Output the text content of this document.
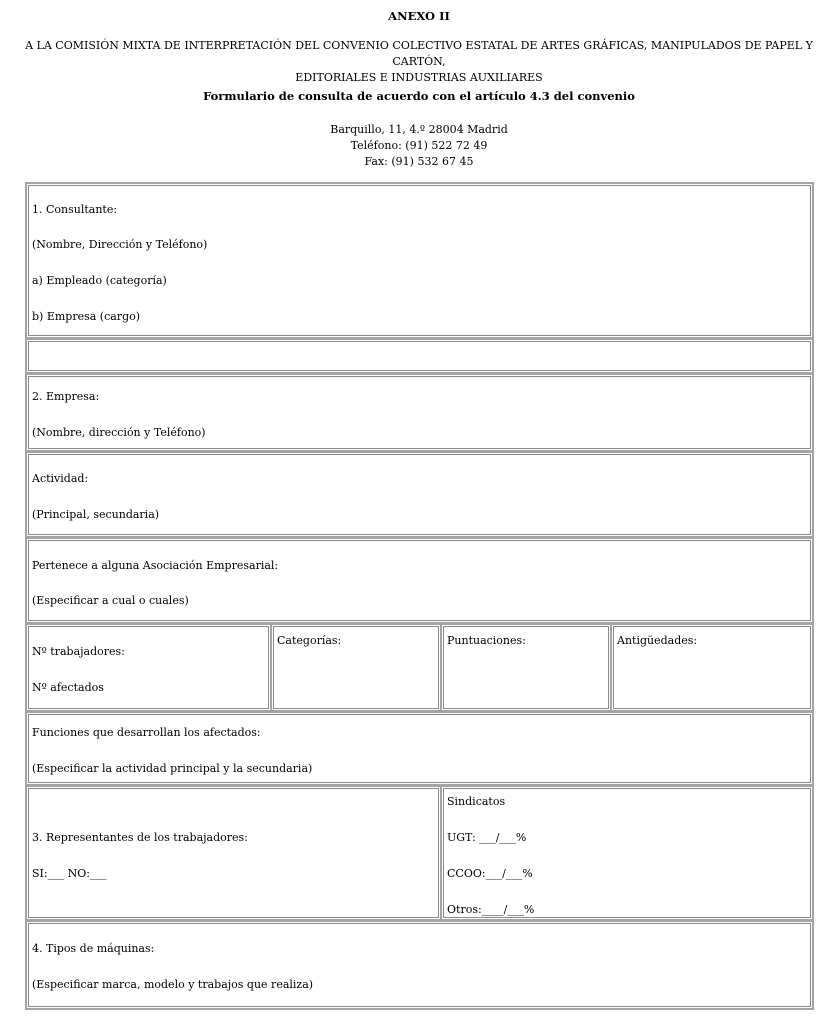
ANEXO II
A LA COMISIÓN MIXTA DE INTERPRETACIÓN DEL CONVENIO COLECTIVO ESTATAL DE ARTES GRÁFICAS, MANIPULADOS DE PAPEL Y CARTÓN,
EDITORIALES E INDUSTRIAS AUXILIARES
Formulario de consulta de acuerdo con el artículo 4.3 del convenio
Barquillo, 11, 4.º 28004 Madrid
Teléfono: (91) 522 72 49
Fax: (91) 532 67 45
1. Consultante:
(Nombre, Dirección y Teléfono)
a) Empleado (categoría)
b) Empresa (cargo)
2. Empresa:
(Nombre, dirección y Teléfono)
Actividad:
(Principal, secundaria)
Pertenece a alguna Asociación Empresarial:
(Especificar a cual o cuales)
Nº trabajadores:
Nº afectados
Categorías:	Puntuaciones:	Antigüedades:
Funciones que desarrollan los afectados:
(Especificar la actividad principal y la secundaria)
3. Representantes de los trabajadores:
SI:___ NO:___
Sindicatos
UGT: ___/___%
CCOO:___/___%
Otros:____/___%
4. Tipos de máquinas:
(Especificar marca, modelo y trabajos que realiza)
